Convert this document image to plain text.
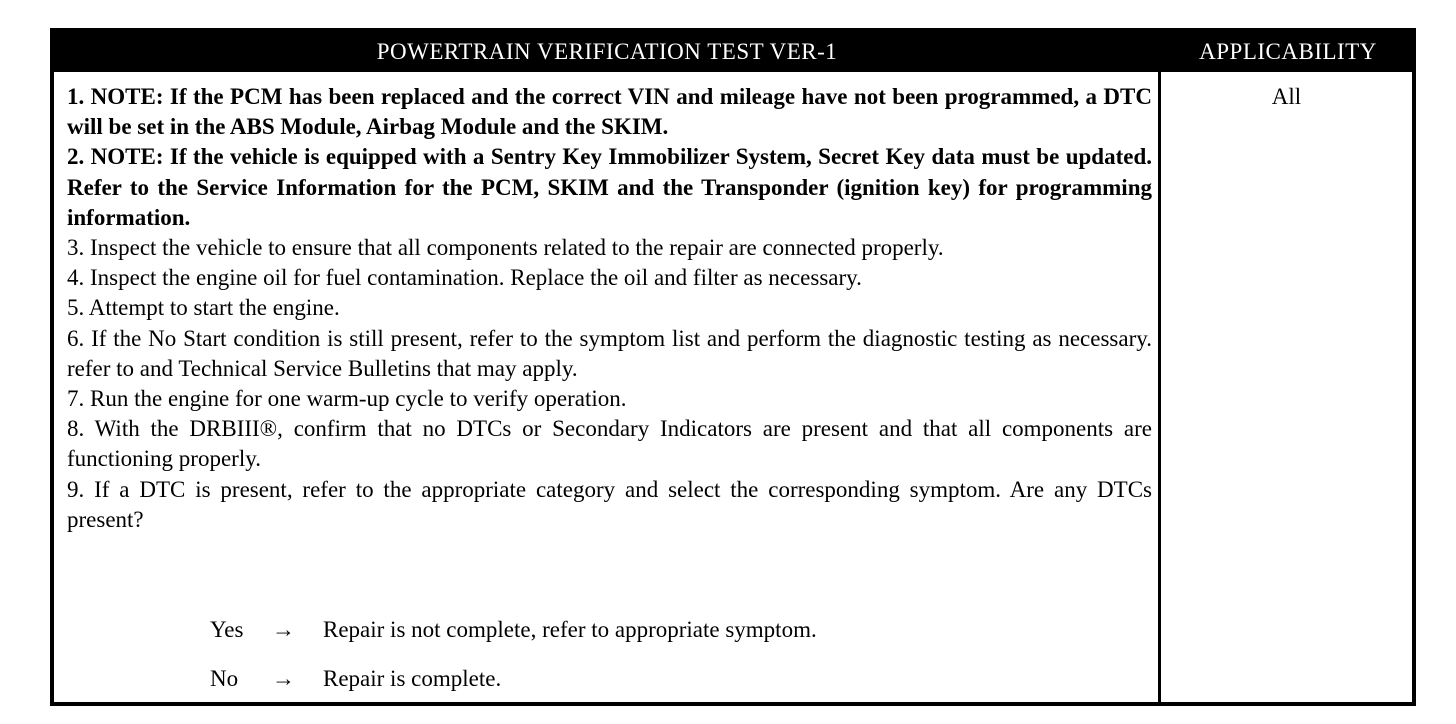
POWERTRAIN VERIFICATION TEST VER-1	APPLICABILITY

1. NOTE: If the PCM has been replaced and the correct VIN and mileage have not been programmed, a DTC will be set in the ABS Module, Airbag Module and the SKIM.

2. NOTE: If the vehicle is equipped with a Sentry Key Immobilizer System, Secret Key data must be updated. Refer to the Service Information for the PCM, SKIM and the Transponder (ignition key) for programming information.

3. Inspect the vehicle to ensure that all components related to the repair are connected properly.

4. Inspect the engine oil for fuel contamination. Replace the oil and filter as necessary.

5. Attempt to start the engine.

6. If the No Start condition is still present, refer to the symptom list and perform the diagnostic testing as necessary. refer to and Technical Service Bulletins that may apply.

7. Run the engine for one warm-up cycle to verify operation.

8. With the DRBIII®, confirm that no DTCs or Secondary Indicators are present and that all components are functioning properly.

9. If a DTC is present, refer to the appropriate category and select the corresponding symptom. Are any DTCs present?

Yes → Repair is not complete, refer to appropriate symptom.
No → Repair is complete.
All
